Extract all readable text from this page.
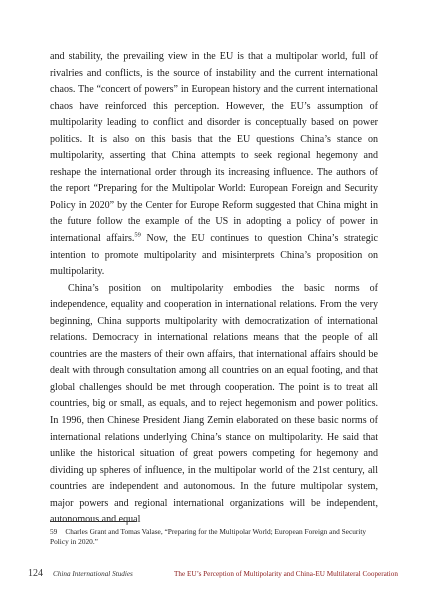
and stability, the prevailing view in the EU is that a multipolar world, full of rivalries and conflicts, is the source of instability and the current international chaos. The “concert of powers” in European history and the current international chaos have reinforced this perception. However, the EU’s assumption of multipolarity leading to conflict and disorder is conceptually based on power politics. It is also on this basis that the EU questions China’s stance on multipolarity, asserting that China attempts to seek regional hegemony and reshape the international order through its increasing influence. The authors of the report “Preparing for the Multipolar World: European Foreign and Security Policy in 2020” by the Center for Europe Reform suggested that China might in the future follow the example of the US in adopting a policy of power in international affairs.$^{59}$ Now, the EU continues to question China’s strategic intention to promote multipolarity and misinterprets China’s proposition on multipolarity.

China’s position on multipolarity embodies the basic norms of independence, equality and cooperation in international relations. From the very beginning, China supports multipolarity with democratization of international relations. Democracy in international relations means that the people of all countries are the masters of their own affairs, that international affairs should be dealt with through consultation among all countries on an equal footing, and that global challenges should be met through cooperation. The point is to treat all countries, big or small, as equals, and to reject hegemonism and power politics. In 1996, then Chinese President Jiang Zemin elaborated on these basic norms of international relations underlying China’s stance on multipolarity. He said that unlike the historical situation of great powers competing for hegemony and dividing up spheres of influence, in the multipolar world of the 21st century, all countries are independent and autonomous. In the future multipolar system, major powers and regional international organizations will be independent, autonomous and equal

59 Charles Grant and Tomas Valase, “Preparing for the Multipolar World; European Foreign and Security Policy in 2020.”
124 China International Studies	The EU’s Perception of Multipolarity and China-EU Multilateral Cooperation
